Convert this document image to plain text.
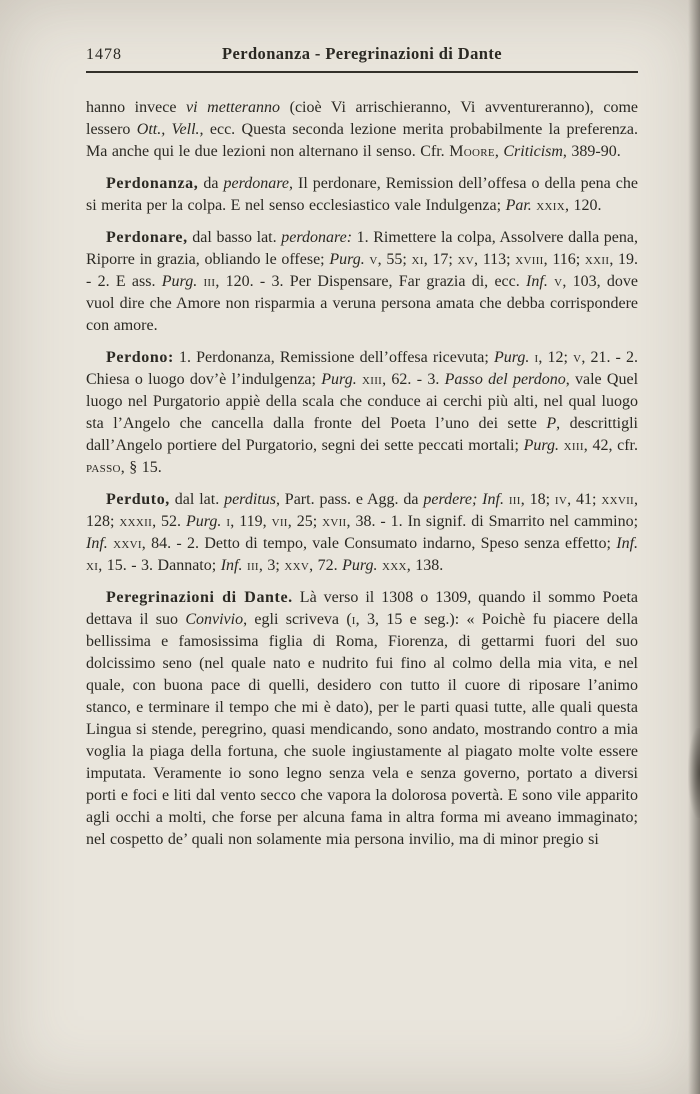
1478	Perdonanza - Peregrinazioni di Dante

hanno invece vi metteranno (cioè Vi arrischieranno, Vi avventureranno), come lessero Ott., Vell., ecc. Questa seconda lezione merita probabilmente la preferenza. Ma anche qui le due lezioni non alternano il senso. Cfr. Moore, Criticism, 389-90.

Perdonanza, da perdonare, Il perdonare, Remission dell’offesa o della pena che si merita per la colpa. E nel senso ecclesiastico vale Indulgenza; Par. xxix, 120.

Perdonare, dal basso lat. perdonare: 1. Rimettere la colpa, Assolvere dalla pena, Riporre in grazia, obliando le offese; Purg. v, 55; xi, 17; xv, 113; xviii, 116; xxii, 19. - 2. E ass. Purg. iii, 120. - 3. Per Dispensare, Far grazia di, ecc. Inf. v, 103, dove vuol dire che Amore non risparmia a veruna persona amata che debba corrispondere con amore.

Perdono: 1. Perdonanza, Remissione dell’offesa ricevuta; Purg. i, 12; v, 21. - 2. Chiesa o luogo dov’è l’indulgenza; Purg. xiii, 62. - 3. Passo del perdono, vale Quel luogo nel Purgatorio appiè della scala che conduce ai cerchi più alti, nel qual luogo sta l’Angelo che cancella dalla fronte del Poeta l’uno dei sette P, descrittigli dall’Angelo portiere del Purgatorio, segni dei sette peccati mortali; Purg. xiii, 42, cfr. passo, § 15.

Perduto, dal lat. perditus, Part. pass. e Agg. da perdere; Inf. iii, 18; iv, 41; xxvii, 128; xxxii, 52. Purg. i, 119, vii, 25; xvii, 38. - 1. In signif. di Smarrito nel cammino; Inf. xxvi, 84. - 2. Detto di tempo, vale Consumato indarno, Speso senza effetto; Inf. xi, 15. - 3. Dannato; Inf. iii, 3; xxv, 72. Purg. xxx, 138.

Peregrinazioni di Dante. Là verso il 1308 o 1309, quando il sommo Poeta dettava il suo Convivio, egli scriveva (i, 3, 15 e seg.): « Poichè fu piacere della bellissima e famosissima figlia di Roma, Fiorenza, di gettarmi fuori del suo dolcissimo seno (nel quale nato e nudrito fui fino al colmo della mia vita, e nel quale, con buona pace di quelli, desidero con tutto il cuore di riposare l’animo stanco, e terminare il tempo che mi è dato), per le parti quasi tutte, alle quali questa Lingua si stende, peregrino, quasi mendicando, sono andato, mostrando contro a mia voglia la piaga della fortuna, che suole ingiustamente al piagato molte volte essere imputata. Veramente io sono legno senza vela e senza governo, portato a diversi porti e foci e liti dal vento secco che vapora la dolorosa povertà. E sono vile apparito agli occhi a molti, che forse per alcuna fama in altra forma mi aveano immaginato; nel cospetto de’ quali non solamente mia persona invilio, ma di minor pregio si
